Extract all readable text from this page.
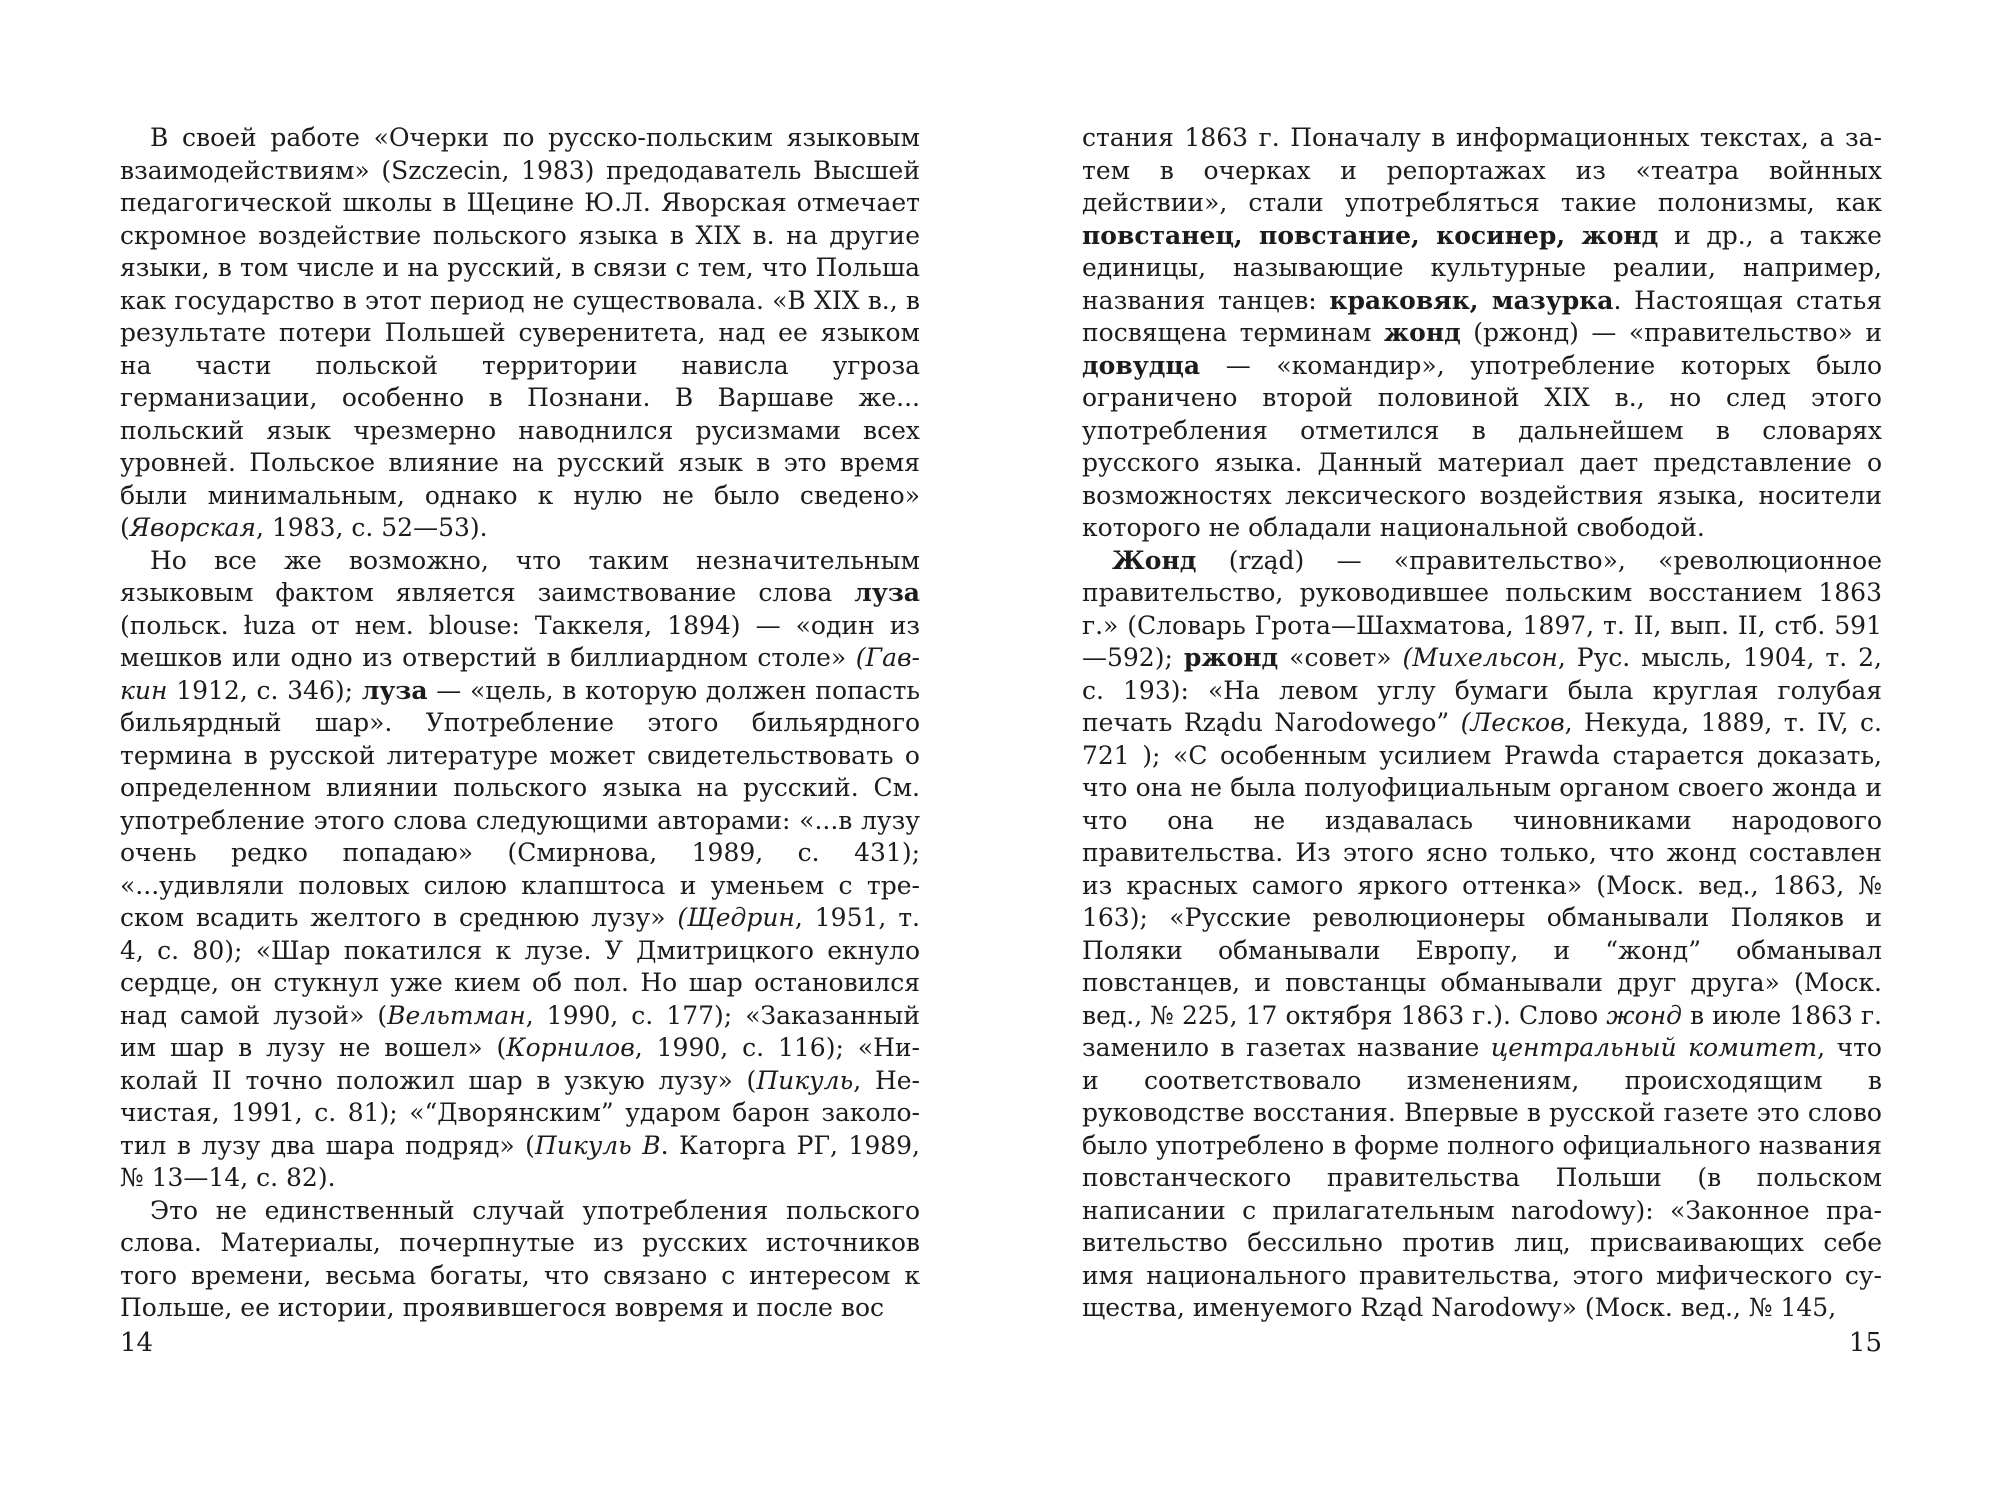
В своей работе «Очерки по русско-польским языковым взаимодействиям» (Szczecin, 1983) предодаватель Высшей педагогической школы в Щецине Ю.Л. Яворская отмечает скромное воздействие польского языка в XIX в. на другие языки, в том числе и на русский, в связи с тем, что Польша как государство в этот период не существовала. «В XIX в., в результате потери Польшей суверенитета, над ее языком на части польской территории нависла угроза германизации, особенно в Познани. В Варшаве же... польский язык чрезмерно наводнился русизмами всех уровней. Польское влияние на русский язык в это время были минимальным, однако к нулю не было сведено» (Яворская, 1983, с. 52—53).

Но все же возможно, что таким незначительным языковым фактом является заимствование слова луза (польск. łuza от нем. blouse: Таккеля, 1894) — «один из мешков или одно из отверстий в биллиардном столе» (Гавкин 1912, с. 346); луза — «цель, в которую должен попасть бильярдный шар». Употребление этого бильярдного термина в русской литературе может свидетельствовать о определенном влиянии польского языка на русский. См. употребление этого слова следующими авторами: «...в лузу очень редко попадаю» (Смирнова, 1989, с. 431); «...удивляли половых силою клапштоса и уменьем с треском всадить желтого в среднюю лузу» (Щедрин, 1951, т. 4, с. 80); «Шар покатился к лузе. У Дмитрицкого екнуло сердце, он стукнул уже кием об пол. Но шар остановился над самой лузой» (Вельтман, 1990, с. 177); «Заказанный им шар в лузу не вошел» (Корнилов, 1990, с. 116); «Николай II точно положил шар в узкую лузу» (Пикуль, Нечистая, 1991, с. 81); «“Дворянским” ударом барон заколотил в лузу два шара подряд» (Пикуль В. Каторга РГ, 1989, № 13—14, с. 82).

Это не единственный случай употребления польского слова. Материалы, почерпнутые из русских источников того времени, весьма богаты, что связано с интересом к Польше, ее истории, проявившегося вовремя и после вос

14

стания 1863 г. Поначалу в информационных текстах, а затем в очерках и репортажах из «театра войнных действии», стали употребляться такие полонизмы, как повстанец, повстание, косинер, жонд и др., а также единицы, называющие культурные реалии, например, названия танцев: краковяк, мазурка. Настоящая статья посвящена терминам жонд (ржонд) — «правительство» и довудца — «командир», употребление которых было ограничено второй половиной XIX в., но след этого употребления отметился в дальнейшем в словарях русского языка. Данный материал дает представление о возможностях лексического воздействия языка, носители которого не обладали национальной свободой.

Жонд (rząd) — «правительство», «революционное правительство, руководившее польским восстанием 1863 г.» (Словарь Грота—Шахматова, 1897, т. II, вып. II, стб. 591—592); ржонд «совет» (Михельсон, Рус. мысль, 1904, т. 2, с. 193): «На левом углу бумаги была круглая голубая печать Rządu Narodowego” (Лесков, Некуда, 1889, т. IV, с. 721 ); «С особенным усилием Prawda старается доказать, что она не была полуофициальным органом своего жонда и что она не издавалась чиновниками народового правительства. Из этого ясно только, что жонд составлен из красных самого яркого оттенка» (Моск. вед., 1863, № 163); «Русские революционеры обманывали Поляков и Поляки обманывали Европу, и “жонд” обманывал повстанцев, и повстанцы обманывали друг друга» (Моск. вед., № 225, 17 октября 1863 г.). Слово жонд в июле 1863 г. заменило в газетах название центральный комитет, что и соответствовало изменениям, происходящим в руководстве восстания. Впервые в русской газете это слово было употреблено в форме полного официального названия повстанческого правительства Польши (в польском написании с прилагательным narodowy): «Законное правительство бессильно против лиц, присваивающих себе имя национального правительства, этого мифического существа, именуемого Rząd Narodowy» (Моск. вед., № 145,

15
